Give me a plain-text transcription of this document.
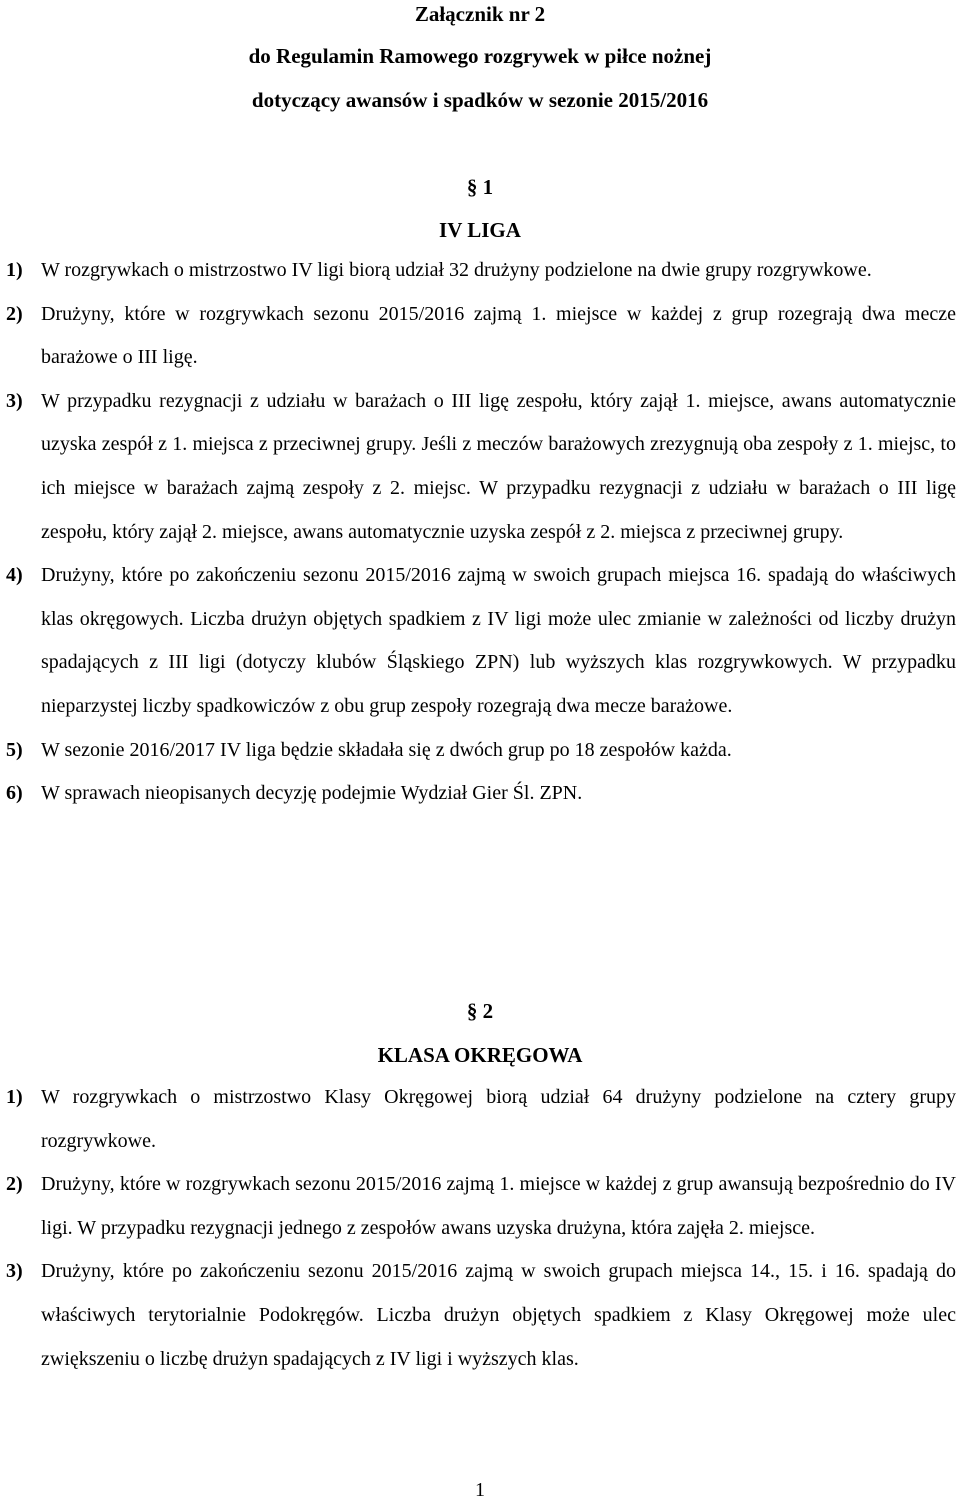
Załącznik nr 2
do Regulamin Ramowego rozgrywek w piłce nożnej
dotyczący awansów i spadków w sezonie 2015/2016
§ 1
IV LIGA
1) W rozgrywkach o mistrzostwo IV ligi biorą udział 32 drużyny podzielone na dwie grupy rozgrywkowe.
2) Drużyny, które w rozgrywkach sezonu 2015/2016 zajmą 1. miejsce w każdej z grup rozegrają dwa mecze barażowe o III ligę.
3) W przypadku rezygnacji z udziału w barażach o III ligę zespołu, który zajął 1. miejsce, awans automatycznie uzyska zespół z 1. miejsca z przeciwnej grupy. Jeśli z meczów barażowych zrezygnują oba zespoły z 1. miejsc, to ich miejsce w barażach zajmą zespoły z 2. miejsc. W przypadku rezygnacji z udziału w barażach o III ligę zespołu, który zajął 2. miejsce, awans automatycznie uzyska zespół z 2. miejsca z przeciwnej grupy.
4) Drużyny, które po zakończeniu sezonu 2015/2016 zajmą w swoich grupach miejsca 16. spadają do właściwych klas okręgowych. Liczba drużyn objętych spadkiem z IV ligi może ulec zmianie w zależności od liczby drużyn spadających z III ligi (dotyczy klubów Śląskiego ZPN) lub wyższych klas rozgrywkowych. W przypadku nieparzystej liczby spadkowiczów z obu grup zespoły rozegrają dwa mecze barażowe.
5) W sezonie 2016/2017 IV liga będzie składała się z dwóch grup po 18 zespołów każda.
6) W sprawach nieopisanych decyzję podejmie Wydział Gier Śl. ZPN.
§ 2
KLASA OKRĘGOWA
1) W rozgrywkach o mistrzostwo Klasy Okręgowej biorą udział 64 drużyny podzielone na cztery grupy rozgrywkowe.
2) Drużyny, które w rozgrywkach sezonu 2015/2016 zajmą 1. miejsce w każdej z grup awansują bezpośrednio do IV ligi. W przypadku rezygnacji jednego z zespołów awans uzyska drużyna, która zajęła 2. miejsce.
3) Drużyny, które po zakończeniu sezonu 2015/2016 zajmą w swoich grupach miejsca 14., 15. i 16. spadają do właściwych terytorialnie Podokręgów. Liczba drużyn objętych spadkiem z Klasy Okręgowej może ulec zwiększeniu o liczbę drużyn spadających z IV ligi i wyższych klas.
1
